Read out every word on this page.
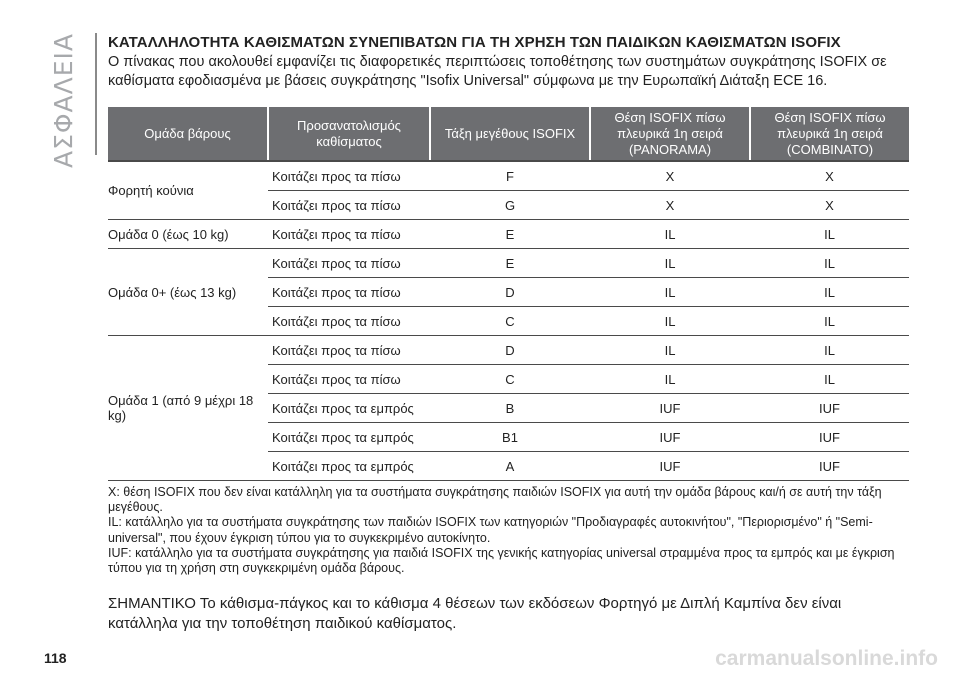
ΑΣΦΑΛΕΙΑ ΚΑΤΑΛΛΗΛΟΤΗΤΑ ΚΑΘΙΣΜΑΤΩΝ ΣΥΝΕΠΙΒΑΤΩΝ ΓΙΑ ΤΗ ΧΡΗΣΗ ΤΩΝ ΠΑΙΔΙΚΩΝ ΚΑΘΙΣΜΑΤΩΝ ISOFIX
Ο πίνακας που ακολουθεί εμφανίζει τις διαφορετικές περιπτώσεις τοποθέτησης των συστημάτων συγκράτησης ISOFIX σε καθίσματα εφοδιασμένα με βάσεις συγκράτησης "Isofix Universal" σύμφωνα με την Ευρωπαϊκή Διάταξη ECE 16.
Ομάδα βάρους	Προσανατολισμός καθίσματος	Τάξη μεγέθους ISOFIX	Θέση ISOFIX πίσω πλευρικά 1η σειρά (PANORAMA)	Θέση ISOFIX πίσω πλευρικά 1η σειρά (COMBINATO)
Φορητή κούνια	Κοιτάζει προς τα πίσω	F	X	X
	Κοιτάζει προς τα πίσω	G	X	X
Ομάδα 0 (έως 10 kg)	Κοιτάζει προς τα πίσω	E	IL	IL
Ομάδα 0+ (έως 13 kg)	Κοιτάζει προς τα πίσω	E	IL	IL
	Κοιτάζει προς τα πίσω	D	IL	IL
	Κοιτάζει προς τα πίσω	C	IL	IL
Ομάδα 1 (από 9 μέχρι 18 kg)	Κοιτάζει προς τα πίσω	D	IL	IL
	Κοιτάζει προς τα πίσω	C	IL	IL
	Κοιτάζει προς τα εμπρός	B	IUF	IUF
	Κοιτάζει προς τα εμπρός	B1	IUF	IUF
	Κοιτάζει προς τα εμπρός	A	IUF	IUF

X: θέση ISOFIX που δεν είναι κατάλληλη για τα συστήματα συγκράτησης παιδιών ISOFIX για αυτή την ομάδα βάρους και/ή σε αυτή την τάξη μεγέθους.

IL: κατάλληλο για τα συστήματα συγκράτησης των παιδιών ISOFIX των κατηγοριών "Προδιαγραφές αυτοκινήτου", "Περιορισμένο" ή "Semi-universal", που έχουν έγκριση τύπου για το συγκεκριμένο αυτοκίνητο.

IUF: κατάλληλο για τα συστήματα συγκράτησης για παιδιά ISOFIX της γενικής κατηγορίας universal στραμμένα προς τα εμπρός και με έγκριση τύπου για τη χρήση στη συγκεκριμένη ομάδα βάρους.

ΣΗΜΑΝΤΙΚΟ Το κάθισμα-πάγκος και το κάθισμα 4 θέσεων των εκδόσεων Φορτηγό με Διπλή Καμπίνα δεν είναι κατάλληλα για την τοποθέτηση παιδικού καθίσματος.
118	carmanualsonline.info
